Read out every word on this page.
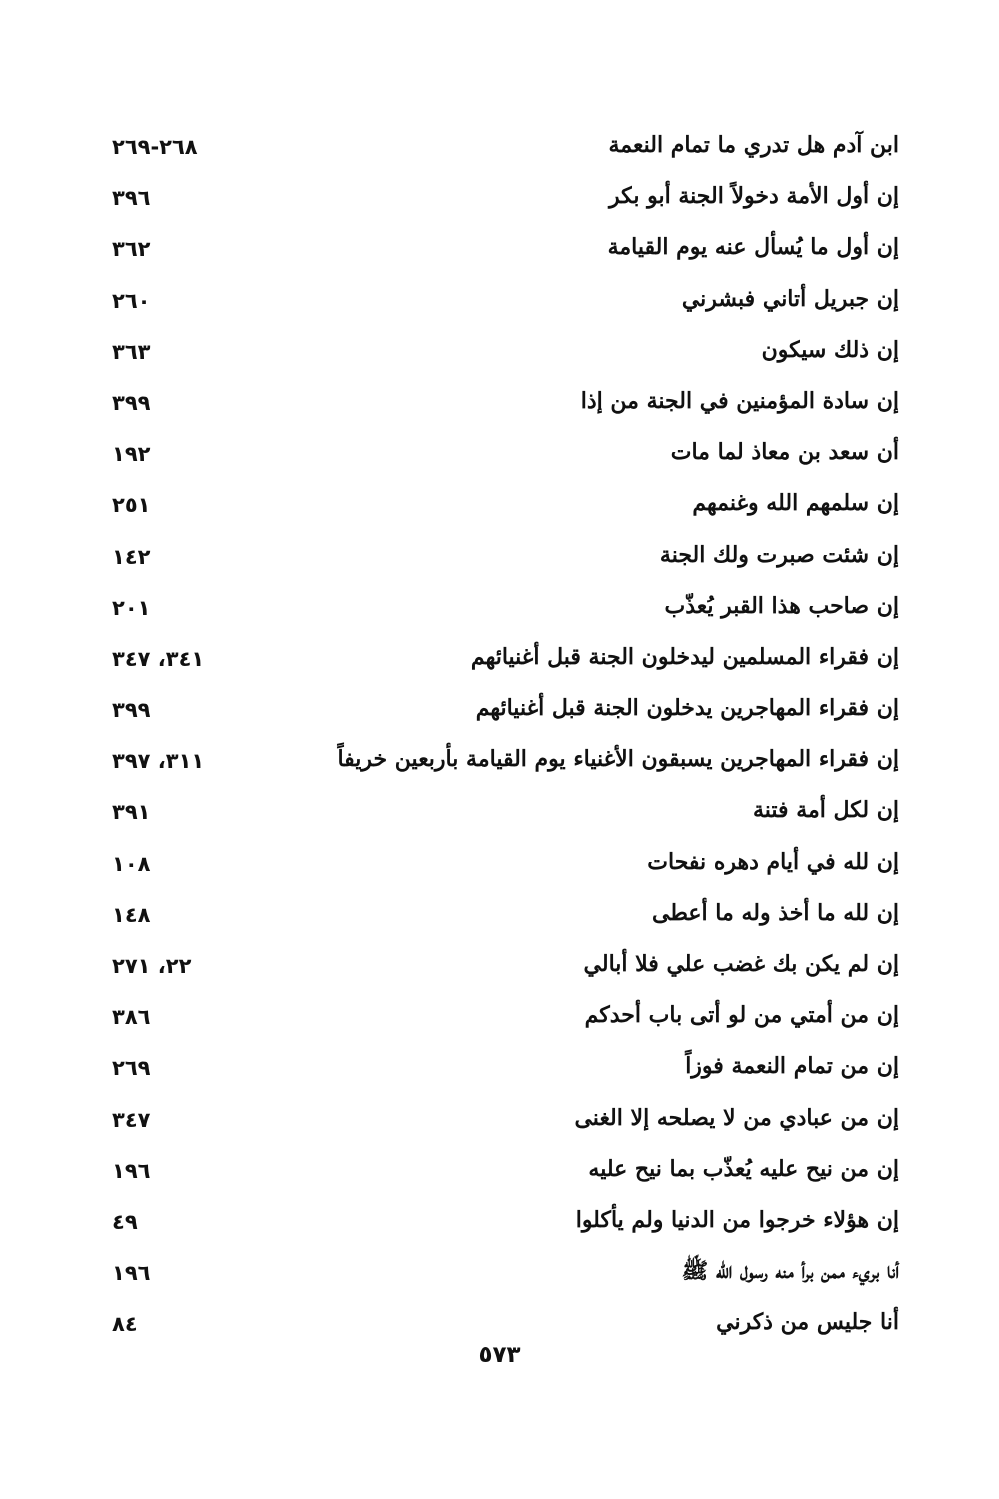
ابن آدم هل تدري ما تمام النعمة
٢٦٨-٢٦٩
إن أول الأمة دخولاً الجنة أبو بكر
٣٩٦
إن أول ما يُسأل عنه يوم القيامة
٣٦٢
إن جبريل أتاني فبشرني
٢٦٠
إن ذلك سيكون
٣٦٣
إن سادة المؤمنين في الجنة من إذا
٣٩٩
أن سعد بن معاذ لما مات
١٩٢
إن سلمهم الله وغنمهم
٢٥١
إن شئت صبرت ولك الجنة
١٤٢
إن صاحب هذا القبر يُعذّب
٢٠١
إن فقراء المسلمين ليدخلون الجنة قبل أغنيائهم
٣٤١، ٣٤٧
إن فقراء المهاجرين يدخلون الجنة قبل أغنيائهم
٣٩٩
إن فقراء المهاجرين يسبقون الأغنياء يوم القيامة بأربعين خريفاً
٣١١، ٣٩٧
إن لكل أمة فتنة
٣٩١
إن لله في أيام دهره نفحات
١٠٨
إن لله ما أخذ وله ما أعطى
١٤٨
إن لم يكن بك غضب علي فلا أبالي
٢٢، ٢٧١
إن من أمتي من لو أتى باب أحدكم
٣٨٦
إن من تمام النعمة فوزاً
٢٦٩
إن من عبادي من لا يصلحه إلا الغنى
٣٤٧
إن من نيح عليه يُعذّب بما نيح عليه
١٩٦
إن هؤلاء خرجوا من الدنيا ولم يأكلوا
٤٩
أنا بريء ممن برأ منه رسول الله ﷺ
١٩٦
أنا جليس من ذكرني
٨٤
٥٧٣
